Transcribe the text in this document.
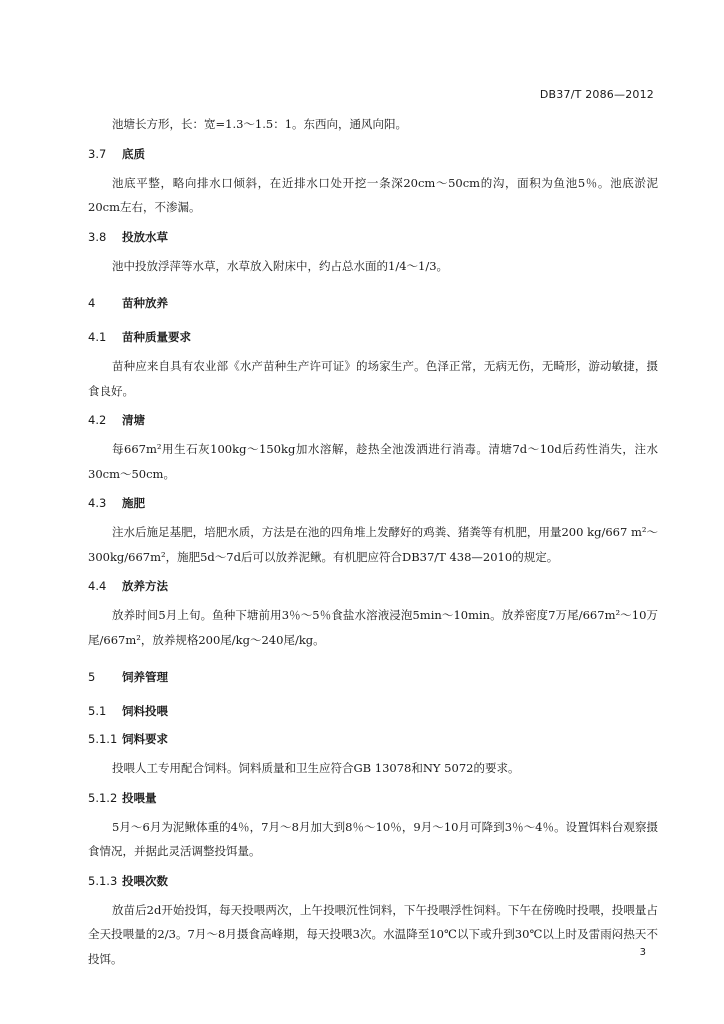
DB37/T 2086—2012

池塘长方形，长：宽=1.3～1.5：1。东西向，通风向阳。

3.7 底质

池底平整，略向排水口倾斜，在近排水口处开挖一条深20cm～50cm的沟，面积为鱼池5％。池底淤泥20cm左右，不渗漏。

3.8 投放水草

池中投放浮萍等水草，水草放入附床中，约占总水面的1/4～1/3。

4 苗种放养
4.1 苗种质量要求

苗种应来自具有农业部《水产苗种生产许可证》的场家生产。色泽正常，无病无伤，无畸形，游动敏捷，摄食良好。

4.2 清塘

每667m²用生石灰100kg～150kg加水溶解，趁热全池泼洒进行消毒。清塘7d～10d后药性消失，注水30cm～50cm。

4.3 施肥

注水后施足基肥，培肥水质，方法是在池的四角堆上发酵好的鸡粪、猪粪等有机肥，用量200 kg/667 m²～300kg/667m²，施肥5d～7d后可以放养泥鳅。有机肥应符合DB37/T 438—2010的规定。

4.4 放养方法

放养时间5月上旬。鱼种下塘前用3％～5％食盐水溶液浸泡5min～10min。放养密度7万尾/667m²～10万尾/667m²，放养规格200尾/kg～240尾/kg。

5 饲养管理
5.1 饲料投喂
5.1.1 饲料要求

投喂人工专用配合饲料。饲料质量和卫生应符合GB 13078和NY 5072的要求。

5.1.2 投喂量

5月～6月为泥鳅体重的4％，7月～8月加大到8％～10％，9月～10月可降到3％～4％。设置饵料台观察摄食情况，并据此灵活调整投饵量。

5.1.3 投喂次数

放苗后2d开始投饵，每天投喂两次，上午投喂沉性饲料，下午投喂浮性饲料。下午在傍晚时投喂，投喂量占全天投喂量的2/3。7月～8月摄食高峰期，每天投喂3次。水温降至10℃以下或升到30℃以上时及雷雨闷热天不投饵。	3
